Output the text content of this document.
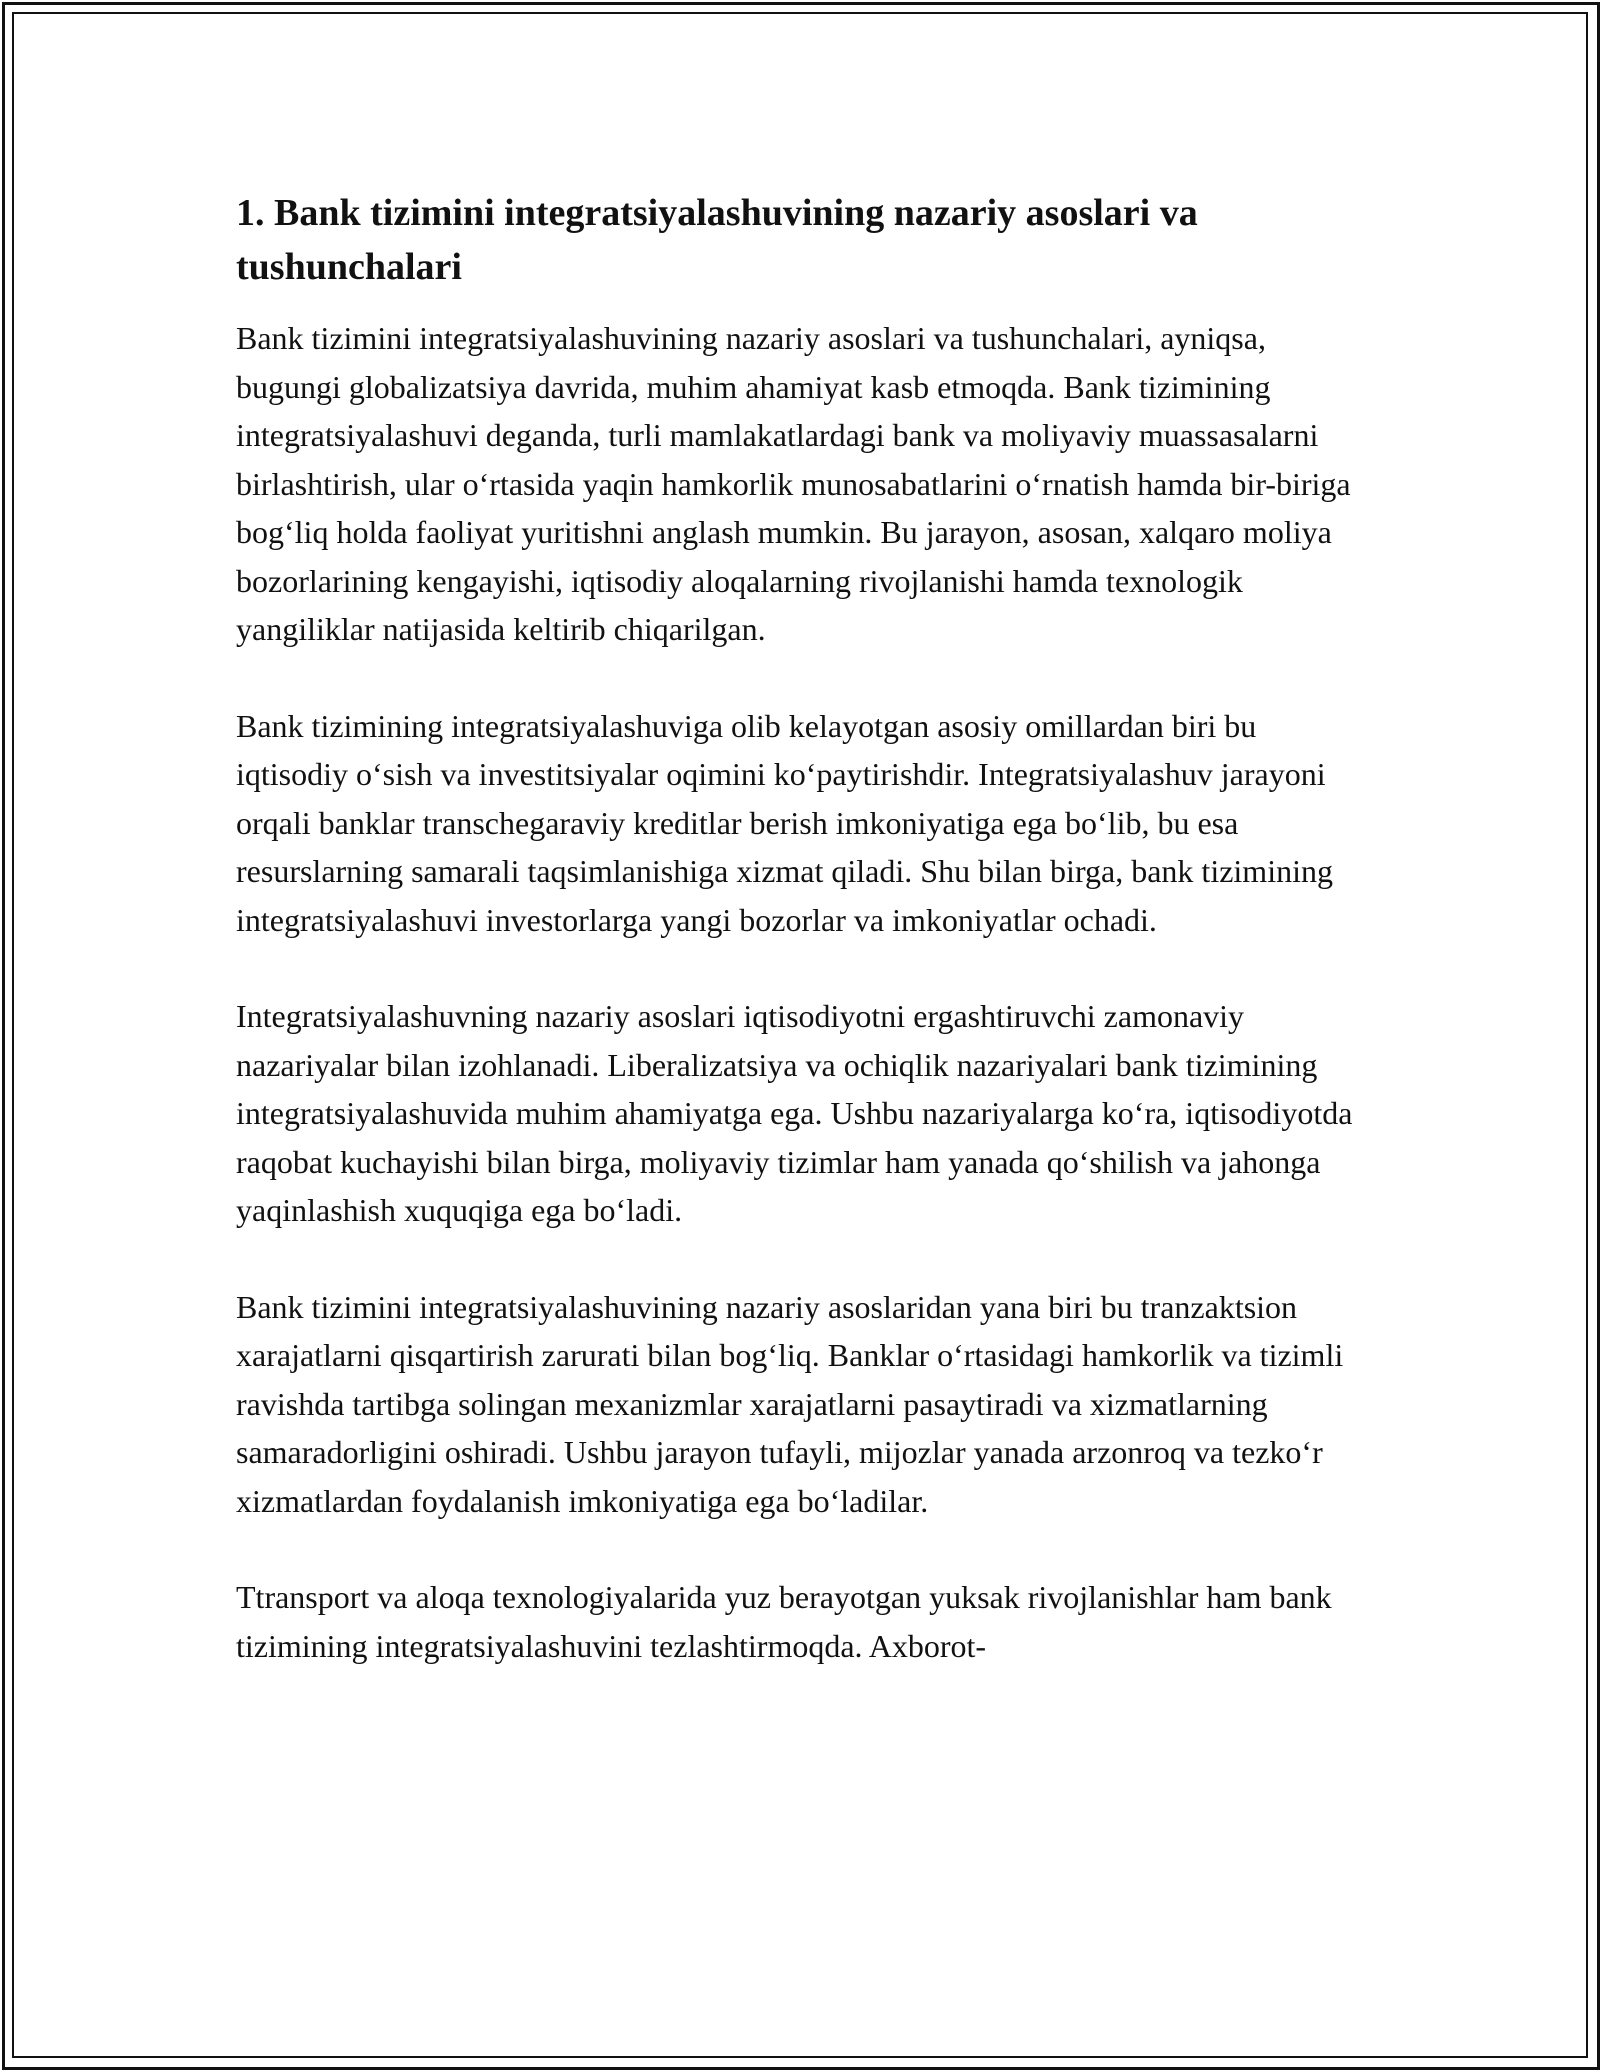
1. Bank tizimini integratsiyalashuvining nazariy asoslari va tushunchalari

Bank tizimini integratsiyalashuvining nazariy asoslari va tushunchalari, ayniqsa, bugungi globalizatsiya davrida, muhim ahamiyat kasb etmoqda. Bank tizimining integratsiyalashuvi deganda, turli mamlakatlardagi bank va moliyaviy muassasalarni birlashtirish, ular o‘rtasida yaqin hamkorlik munosabatlarini o‘rnatish hamda bir-biriga bog‘liq holda faoliyat yuritishni anglash mumkin. Bu jarayon, asosan, xalqaro moliya bozorlarining kengayishi, iqtisodiy aloqalarning rivojlanishi hamda texnologik yangiliklar natijasida keltirib chiqarilgan.

Bank tizimining integratsiyalashuviga olib kelayotgan asosiy omillardan biri bu iqtisodiy o‘sish va investitsiyalar oqimini ko‘paytirishdir. Integratsiyalashuv jarayoni orqali banklar transchegaraviy kreditlar berish imkoniyatiga ega bo‘lib, bu esa resurslarning samarali taqsimlanishiga xizmat qiladi. Shu bilan birga, bank tizimining integratsiyalashuvi investorlarga yangi bozorlar va imkoniyatlar ochadi.

Integratsiyalashuvning nazariy asoslari iqtisodiyotni ergashtiruvchi zamonaviy nazariyalar bilan izohlanadi. Liberalizatsiya va ochiqlik nazariyalari bank tizimining integratsiyalashuvida muhim ahamiyatga ega. Ushbu nazariyalarga ko‘ra, iqtisodiyotda raqobat kuchayishi bilan birga, moliyaviy tizimlar ham yanada qo‘shilish va jahonga yaqinlashish xuquqiga ega bo‘ladi.

Bank tizimini integratsiyalashuvining nazariy asoslaridan yana biri bu tranzaktsion xarajatlarni qisqartirish zarurati bilan bog‘liq. Banklar o‘rtasidagi hamkorlik va tizimli ravishda tartibga solingan mexanizmlar xarajatlarni pasaytiradi va xizmatlarning samaradorligini oshiradi. Ushbu jarayon tufayli, mijozlar yanada arzonroq va tezko‘r xizmatlardan foydalanish imkoniyatiga ega bo‘ladilar.

Ttransport va aloqa texnologiyalarida yuz berayotgan yuksak rivojlanishlar ham bank tizimining integratsiyalashuvini tezlashtirmoqda. Axborot-
